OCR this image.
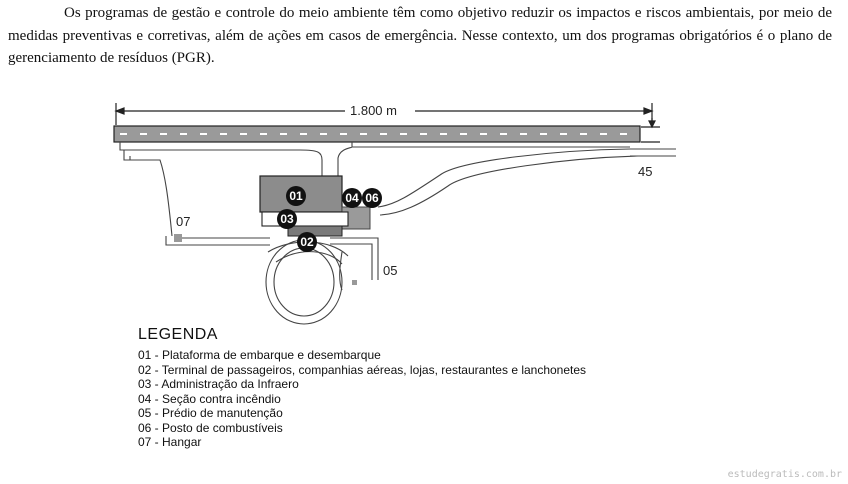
Os programas de gestão e controle do meio ambiente têm como objetivo reduzir os impactos e riscos ambientais, por meio de medidas preventivas e corretivas, além de ações em casos de emergência. Nesse contexto, um dos programas obrigatórios é o plano de gerenciamento de resíduos (PGR).

1.800 m
45
07
05
01
03
02
04 06
LEGENDA
01 - Plataforma de embarque e desembarque
02 - Terminal de passageiros, companhias aéreas, lojas, restaurantes e lanchonetes
03 - Administração da Infraero
04 - Seção contra incêndio
05 - Prédio de manutenção
06 - Posto de combustíveis
07 - Hangar
estudegratis.com.br
